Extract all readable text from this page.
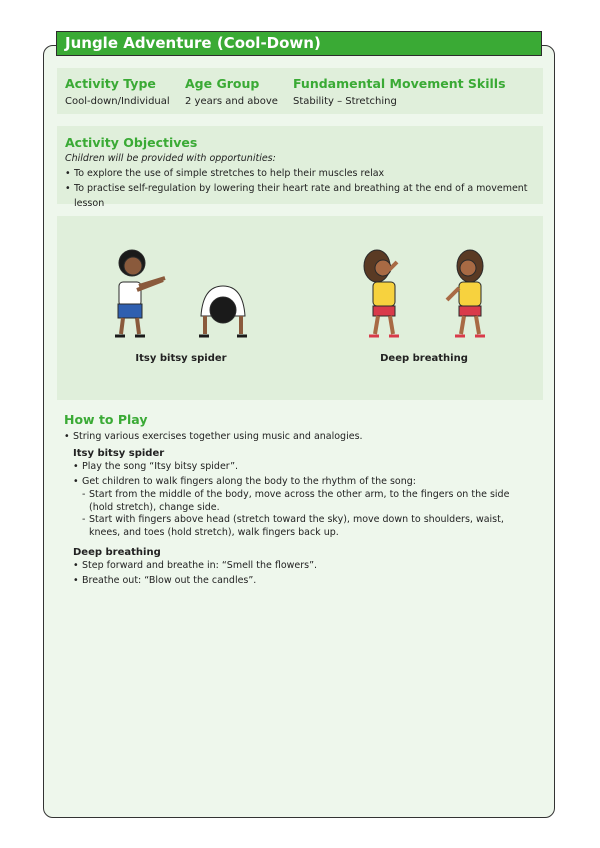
Jungle Adventure (Cool-Down)
Activity Type
Cool-down/Individual
Age Group
2 years and above
Fundamental Movement Skills
Stability – Stretching
Activity Objectives
Children will be provided with opportunities:
• To explore the use of simple stretches to help their muscles relax
• To practise self-regulation by lowering their heart rate and breathing at the end of a movement lesson
Itsy bitsy spider	Deep breathing
How to Play
• String various exercises together using music and analogies.
Itsy bitsy spider
• Play the song “Itsy bitsy spider”.
• Get children to walk fingers along the body to the rhythm of the song:
- Start from the middle of the body, move across the other arm, to the fingers on the side (hold stretch), change side.
- Start with fingers above head (stretch toward the sky), move down to shoulders, waist, knees, and toes (hold stretch), walk fingers back up.
Deep breathing
• Step forward and breathe in: “Smell the flowers”.
• Breathe out: “Blow out the candles”.
